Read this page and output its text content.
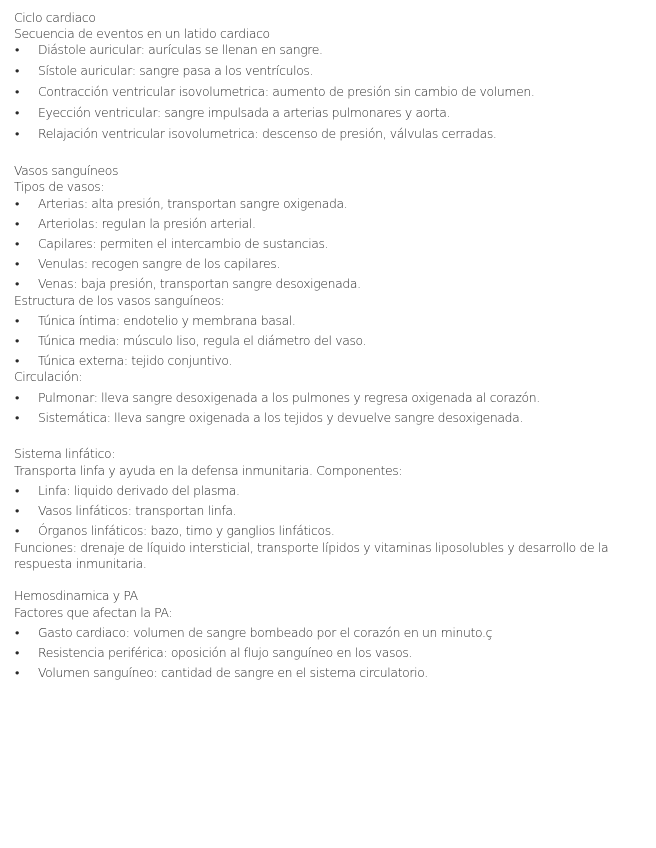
Ciclo cardiaco
Secuencia de eventos en un latido cardiaco
• Diástole auricular: aurículas se llenan en sangre.
• Sístole auricular: sangre pasa a los ventrículos.
• Contracción ventricular isovolumetrica: aumento de presión sin cambio de volumen.
• Eyección ventricular: sangre impulsada a arterias pulmonares y aorta.
• Relajación ventricular isovolumetrica: descenso de presión, válvulas cerradas.
Vasos sanguíneos
Tipos de vasos:
• Arterias: alta presión, transportan sangre oxigenada.
• Arteriolas: regulan la presión arterial.
• Capilares: permiten el intercambio de sustancias.
• Venulas: recogen sangre de los capilares.
• Venas: baja presión, transportan sangre desoxigenada.
Estructura de los vasos sanguíneos:
• Túnica íntima: endotelio y membrana basal.
• Túnica media: músculo liso, regula el diámetro del vaso.
• Túnica externa: tejido conjuntivo.
Circulación:
• Pulmonar: lleva sangre desoxigenada a los pulmones y regresa oxigenada al corazón.
• Sistemática: lleva sangre oxigenada a los tejidos y devuelve sangre desoxigenada.
Sistema linfático:
Transporta linfa y ayuda en la defensa inmunitaria. Componentes:
• Linfa: liquido derivado del plasma.
• Vasos linfáticos: transportan linfa.
• Órganos linfáticos: bazo, timo y ganglios linfáticos.
Funciones: drenaje de líquido intersticial, transporte lípidos y vitaminas liposolubles y desarrollo de la respuesta inmunitaria.
Hemosdinamica y PA
Factores que afectan la PA:
• Gasto cardiaco: volumen de sangre bombeado por el corazón en un minuto.ç
• Resistencia periférica: oposición al flujo sanguíneo en los vasos.
• Volumen sanguíneo: cantidad de sangre en el sistema circulatorio.
